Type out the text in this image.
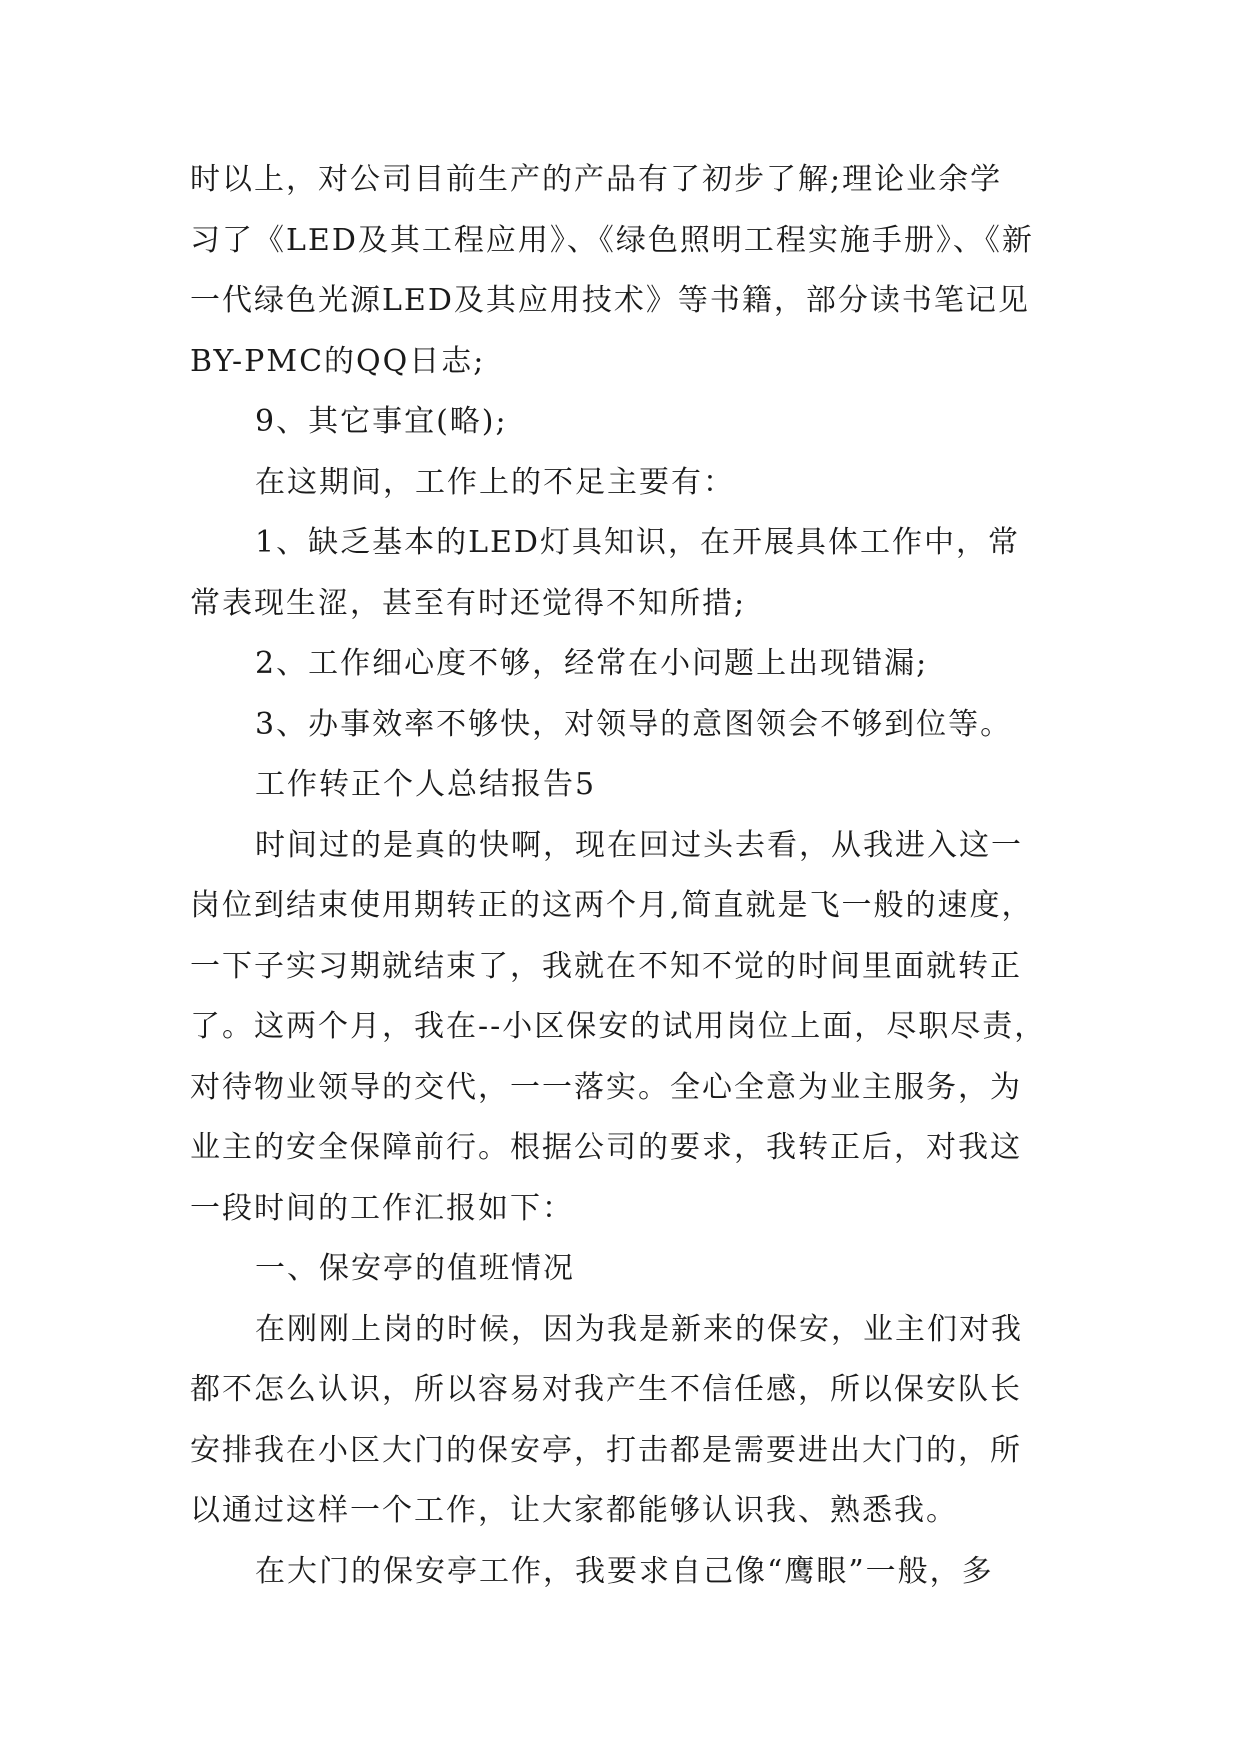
时以上，对公司目前生产的产品有了初步了解;理论业余学
习了《LED及其工程应用》、《绿色照明工程实施手册》、《新
一代绿色光源LED及其应用技术》等书籍，部分读书笔记见
BY-PMC的QQ日志;
9、其它事宜(略);
在这期间，工作上的不足主要有：
1、缺乏基本的LED灯具知识，在开展具体工作中，常
常表现生涩，甚至有时还觉得不知所措;
2、工作细心度不够，经常在小问题上出现错漏;
3、办事效率不够快，对领导的意图领会不够到位等。
工作转正个人总结报告5
时间过的是真的快啊，现在回过头去看，从我进入这一
岗位到结束使用期转正的这两个月,简直就是飞一般的速度，
一下子实习期就结束了，我就在不知不觉的时间里面就转正
了。这两个月，我在--小区保安的试用岗位上面，尽职尽责，
对待物业领导的交代，一一落实。全心全意为业主服务，为
业主的安全保障前行。根据公司的要求，我转正后，对我这
一段时间的工作汇报如下：
一、保安亭的值班情况
在刚刚上岗的时候，因为我是新来的保安，业主们对我
都不怎么认识，所以容易对我产生不信任感，所以保安队长
安排我在小区大门的保安亭，打击都是需要进出大门的，所
以通过这样一个工作，让大家都能够认识我、熟悉我。
在大门的保安亭工作，我要求自己像“鹰眼”一般，多
